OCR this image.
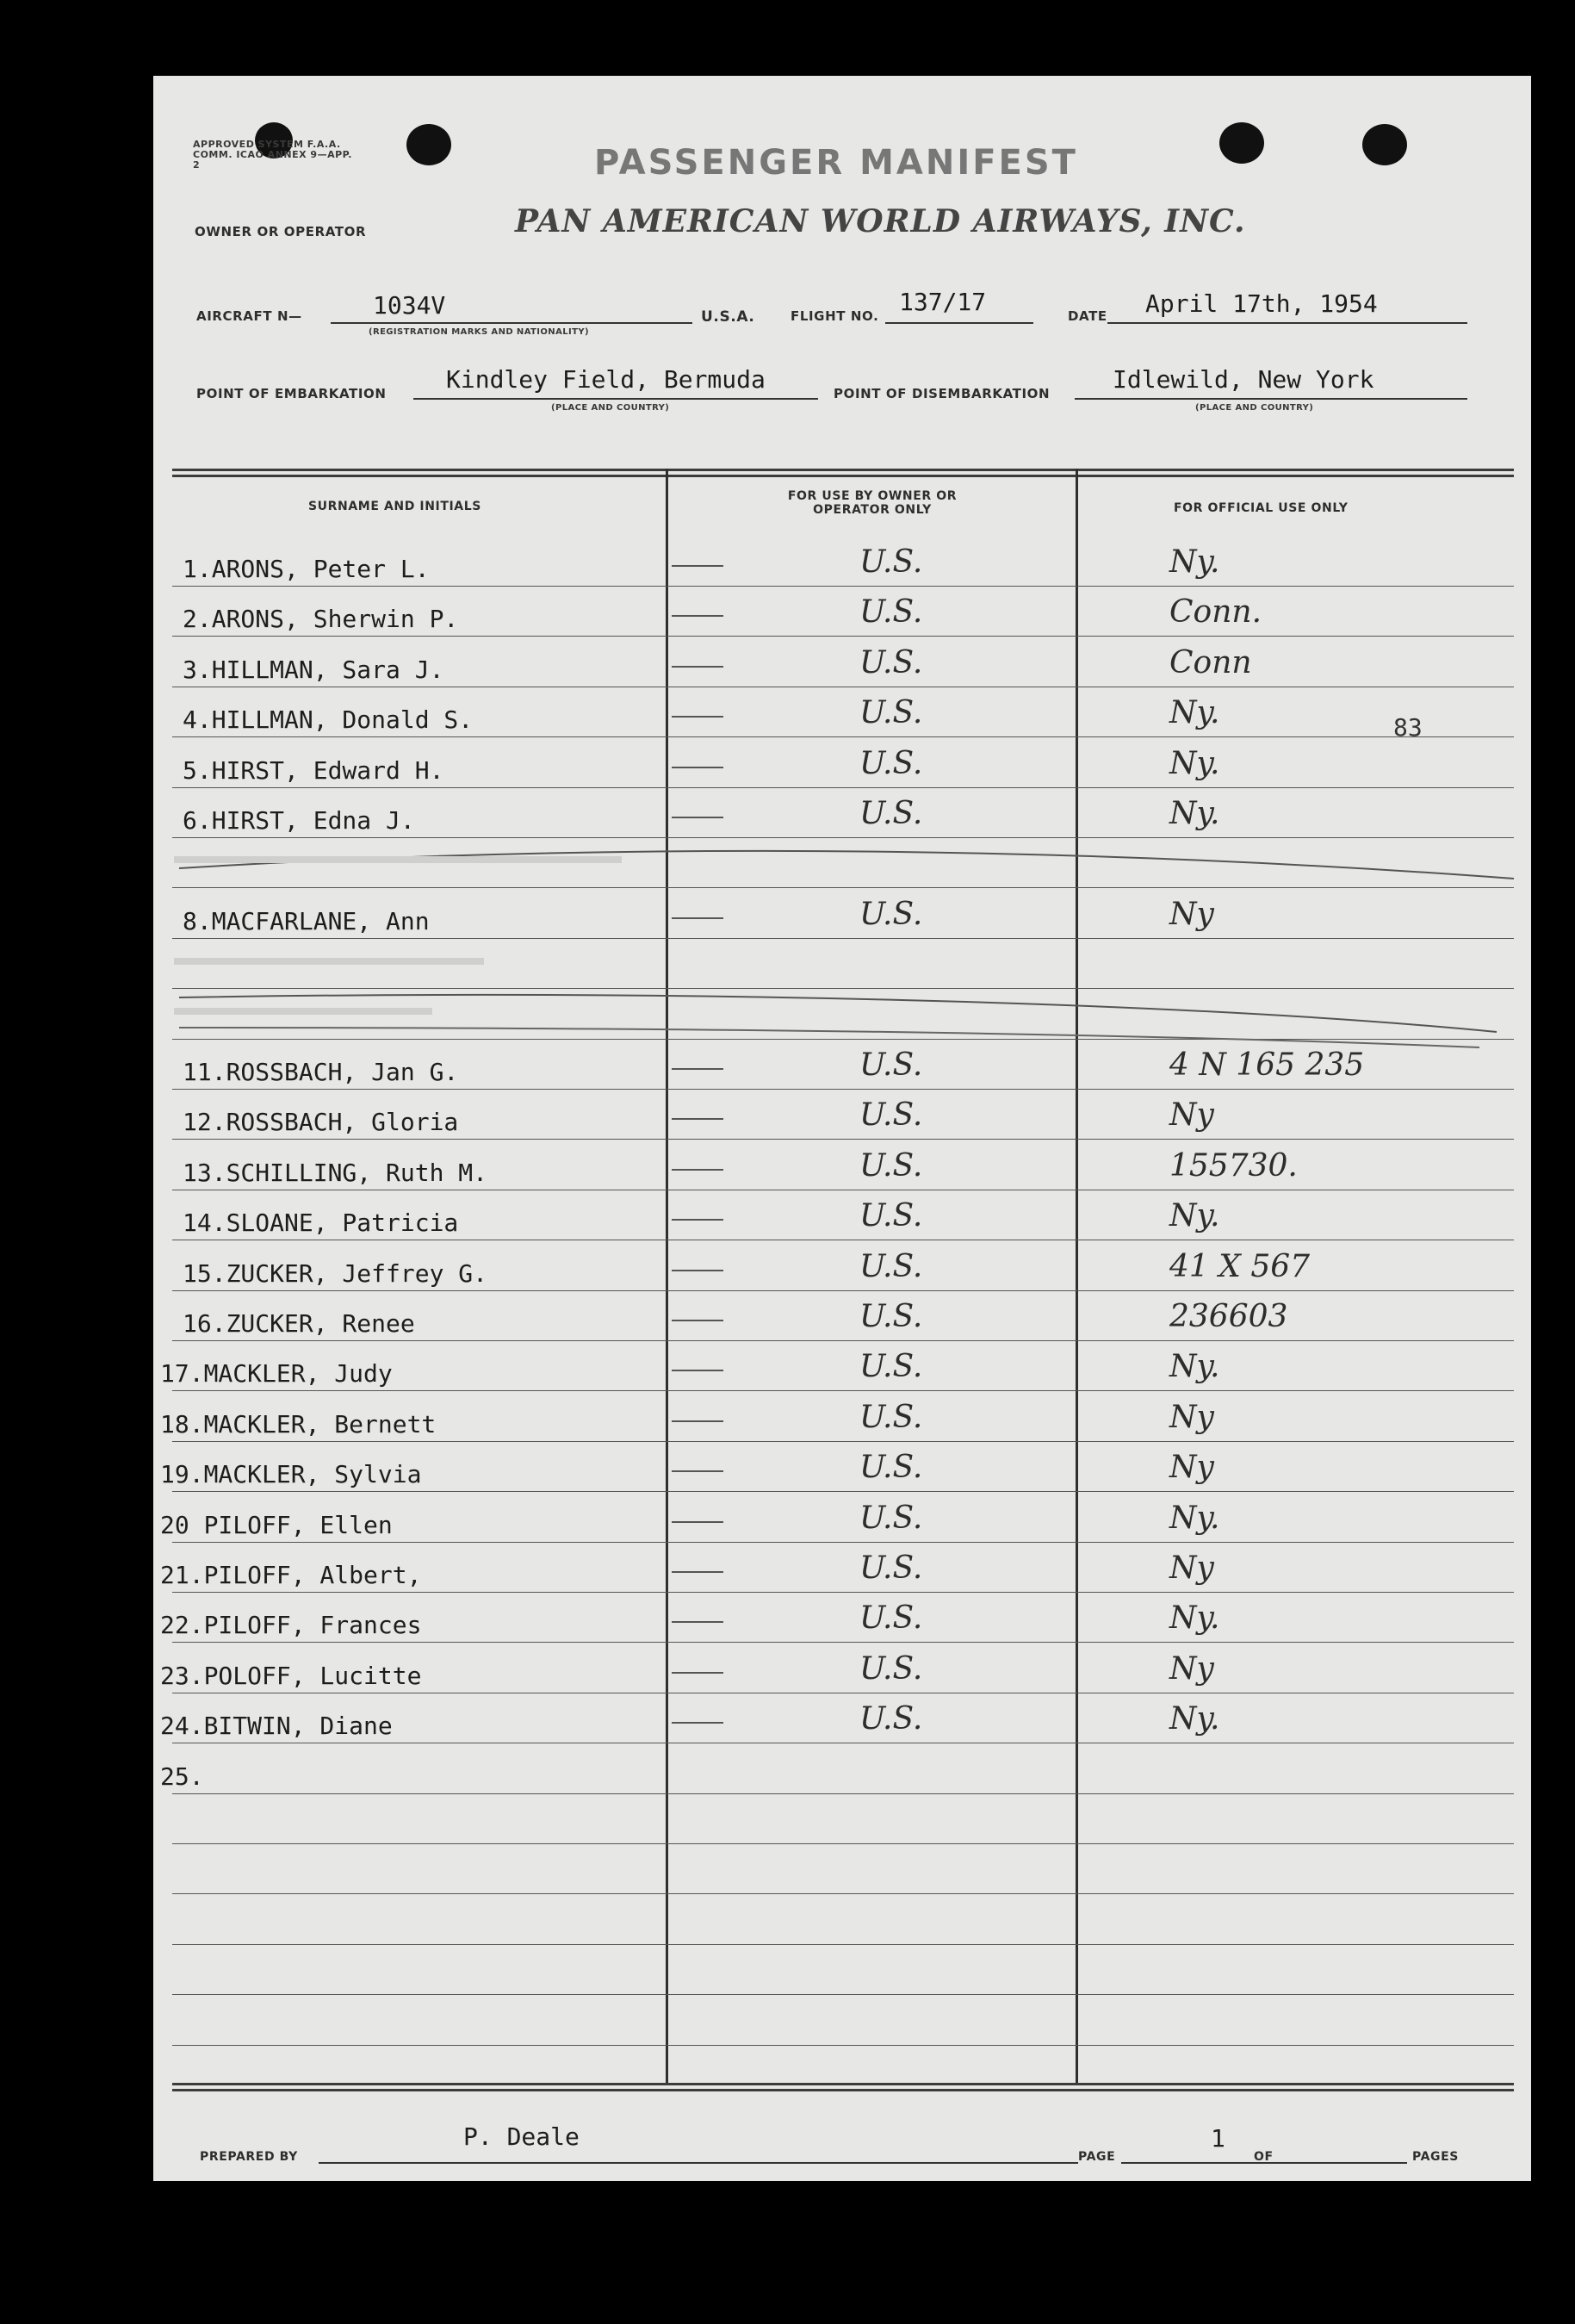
APPROVED SYSTEM F.A.A. COMM. ICAO ANNEX 9—APP. 2	PASSENGER MANIFEST
OWNER OR OPERATOR	PAN AMERICAN WORLD AIRWAYS, INC.
AIRCRAFT N—	1034V
(REGISTRATION MARKS AND NATIONALITY)
U.S.A.	FLIGHT NO. 137/17	DATE April 17th, 1954
POINT OF EMBARKATION Kindley Field, Bermuda
(PLACE AND COUNTRY)
POINT OF DISEMBARKATION	Idlewild, New York
(PLACE AND COUNTRY)
SURNAME AND INITIALS
FOR USE BY OWNER OR OPERATOR ONLY	FOR OFFICIAL USE ONLY
1.ARONS, Peter L.	U.S.	Ny.
2.ARONS, Sherwin P.	U.S.	Conn.
3.HILLMAN, Sara J.	U.S.	Conn
4.HILLMAN, Donald S.	U.S.	Ny.
5.HIRST, Edward H.	U.S.	Ny.
6.HIRST, Edna J.	U.S.	Ny.
8.MACFARLANE, Ann	U.S.	Ny
11.ROSSBACH, Jan G.	U.S.	4 N 165 235
12.ROSSBACH, Gloria	U.S.	Ny
13.SCHILLING, Ruth M.	U.S.	155730.
14.SLOANE, Patricia	U.S.	Ny.
15.ZUCKER, Jeffrey G.	U.S.	41 X 567
16.ZUCKER, Renee	U.S.	236603
17.MACKLER, Judy	U.S.	Ny.
18.MACKLER, Bernett	U.S.	Ny
19.MACKLER, Sylvia	U.S.	Ny
20 PILOFF, Ellen	U.S.	Ny.
21.PILOFF, Albert,	U.S.	Ny
22.PILOFF, Frances	U.S.	Ny.
23.POLOFF, Lucitte	U.S.	Ny
24.BITWIN, Diane	U.S.	Ny.
25.
83
PREPARED BY
P. Deale
PAGE
1
OF	PAGES
